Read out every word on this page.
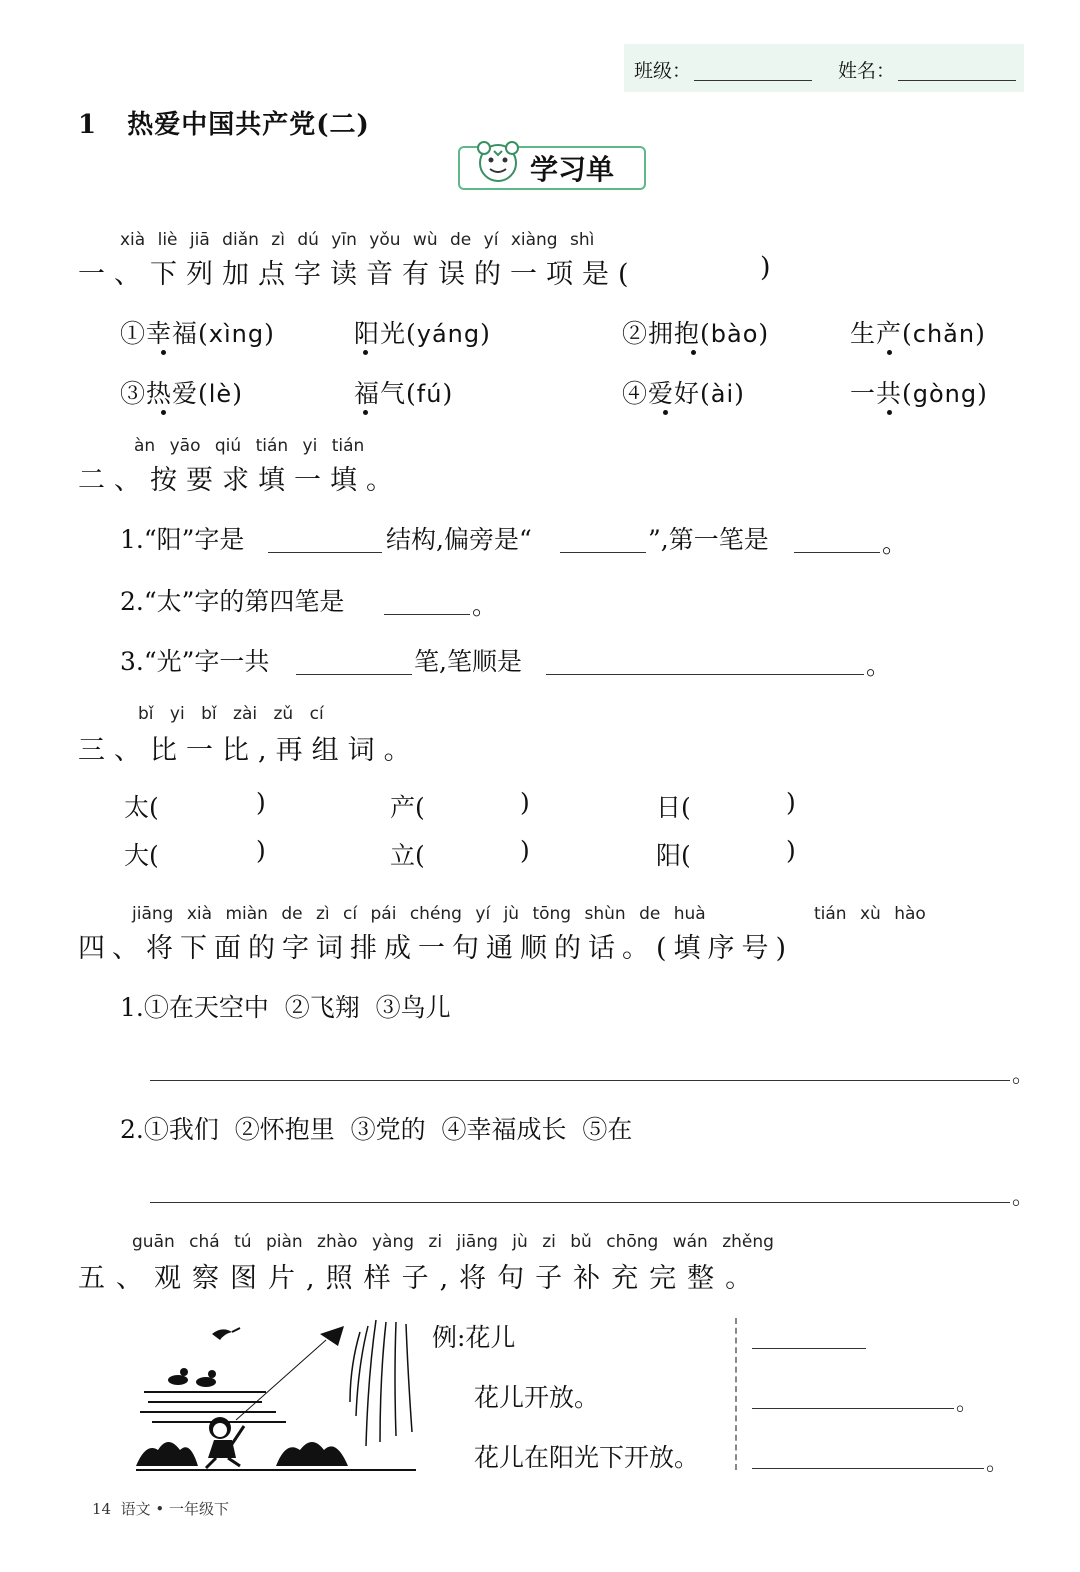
班级：	姓名：
1 热爱中国共产党(二)
学习单
xià liè jiā diǎn zì dú yīn yǒu wù de yí xiàng shì
一、下列加点字读音有误的一项是(	)
①幸福(xìng)	阳光(yáng)	②拥抱(bào)	生产(chǎn)
③热爱(lè)	福气(fú)	④爱好(ài)	一共(gòng)
àn yāo qiú tián yi tián
二、按要求填一填。
1.“阳”字是	结构,偏旁是“	”,第一笔是	。
2.“太”字的第四笔是	。
3.“光”字一共	笔,笔顺是	。
bǐ yi bǐ zài zǔ cí
三、比一比,再组词。
太(	)	产(	)	日(	)
大(	)	立(	)	阳(	)
jiāng xià miàn de zì cí pái chéng yí jù tōng shùn de huà	tián xù hào
四、将下面的字词排成一句通顺的话。(填序号)
1.①在天空中  ②飞翔  ③鸟儿
。
2.①我们  ②怀抱里  ③党的  ④幸福成长  ⑤在
。
guān chá tú piàn zhào yàng zi jiāng jù zi bǔ chōng wán zhěng
五、观察图片,照样子,将句子补充完整。
例:花儿
花儿开放。
花儿在阳光下开放。
。
。
14 语文 • 一年级下
